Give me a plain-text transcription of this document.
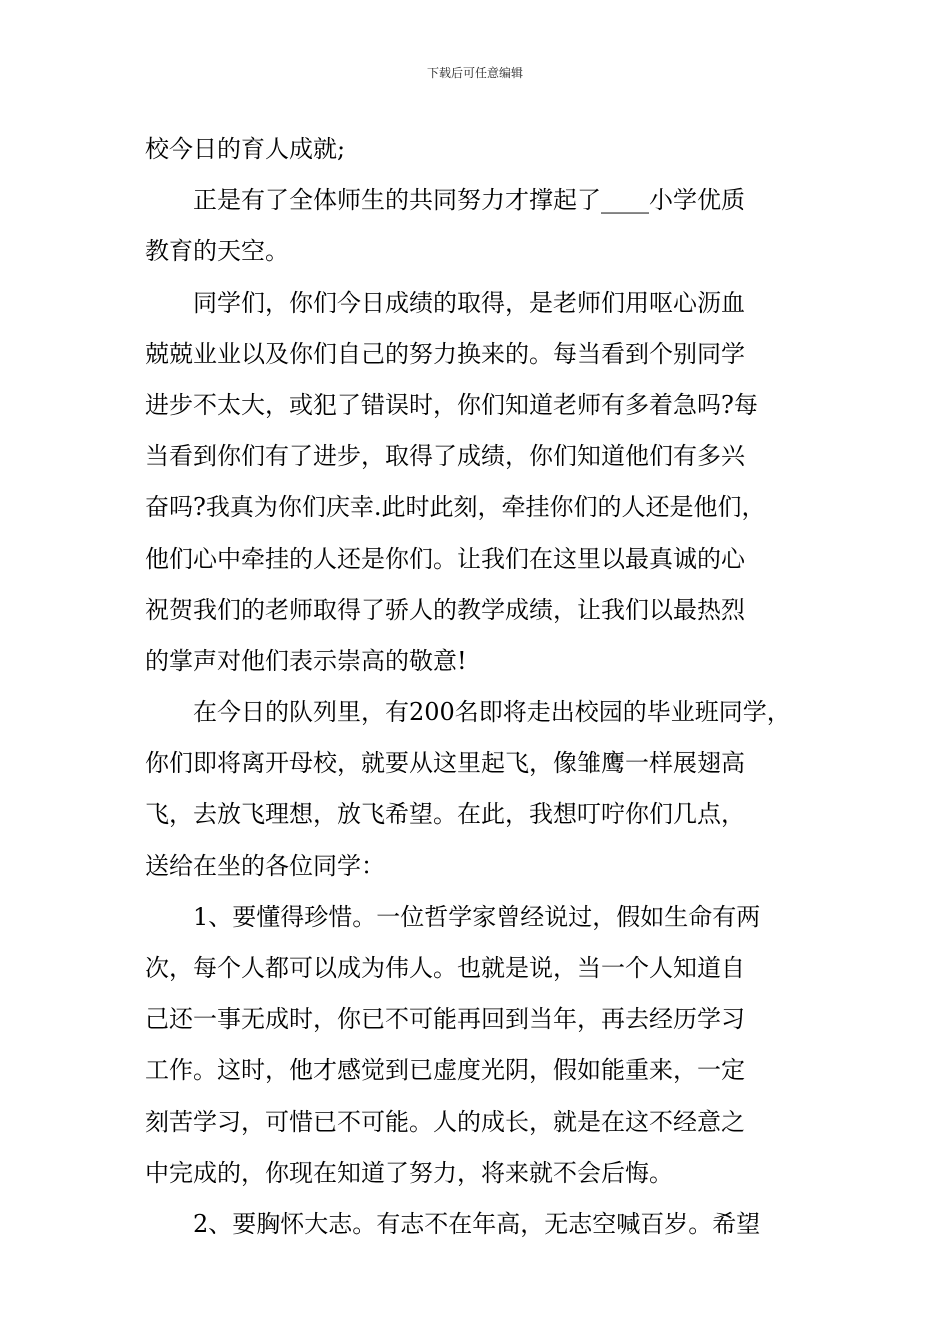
下载后可任意编辑
校今日的育人成就;
正是有了全体师生的共同努力才撑起了____小学优质
教育的天空。
同学们，你们今日成绩的取得，是老师们用呕心沥血
兢兢业业以及你们自己的努力换来的。每当看到个别同学
进步不太大，或犯了错误时，你们知道老师有多着急吗?每
当看到你们有了进步，取得了成绩，你们知道他们有多兴
奋吗?我真为你们庆幸.此时此刻，牵挂你们的人还是他们，
他们心中牵挂的人还是你们。让我们在这里以最真诚的心
祝贺我们的老师取得了骄人的教学成绩，让我们以最热烈
的掌声对他们表示崇高的敬意!
在今日的队列里，有200名即将走出校园的毕业班同学，
你们即将离开母校，就要从这里起飞，像雏鹰一样展翅高
飞，去放飞理想，放飞希望。在此，我想叮咛你们几点，
送给在坐的各位同学：
1、要懂得珍惜。一位哲学家曾经说过，假如生命有两
次，每个人都可以成为伟人。也就是说，当一个人知道自
己还一事无成时，你已不可能再回到当年，再去经历学习
工作。这时，他才感觉到已虚度光阴，假如能重来，一定
刻苦学习，可惜已不可能。人的成长，就是在这不经意之
中完成的，你现在知道了努力，将来就不会后悔。
2、要胸怀大志。有志不在年高，无志空喊百岁。希望
